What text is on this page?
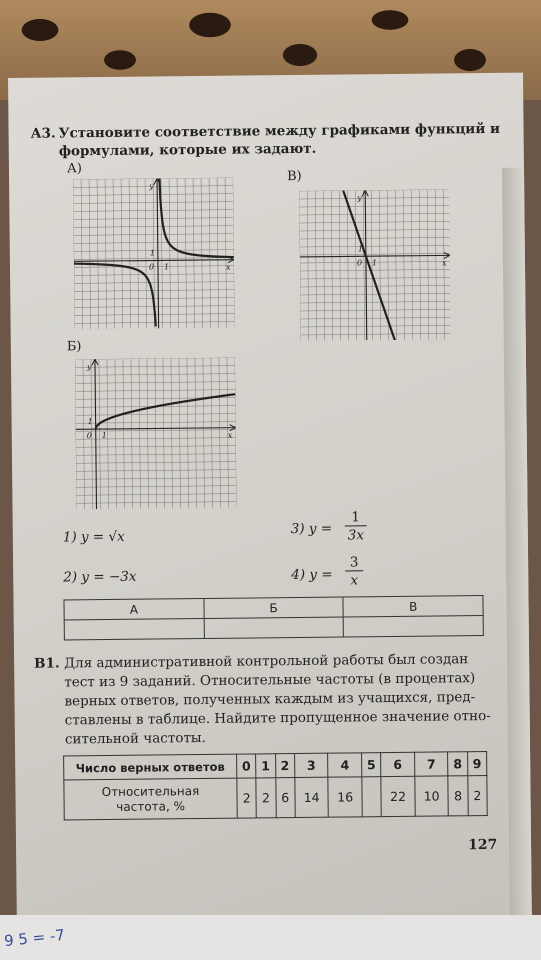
А3. Установите соответствие между графиками функций и
формулами, которые их задают.
А)
В)
Б)
x
y
0 1
1
x
y
0 1
1
x
y
0 1
1
1) y = √x
2) y = −3x
3) y =
1
3x
4) y =
3
x
А	Б	В

В1. Для административной контрольной работы был создан
тест из 9 заданий. Относительные частоты (в процентах)
верных ответов, полученных каждым из учащихся, пред-
ставлены в таблице. Найдите пропущенное значение отно-
сительной частоты.
Число верных ответов	0	1	2	3	4	5	6	7	8	9

Относительная
частота, %	2	2	6	14	16		22	10	8	2
127
9 5 = -7
